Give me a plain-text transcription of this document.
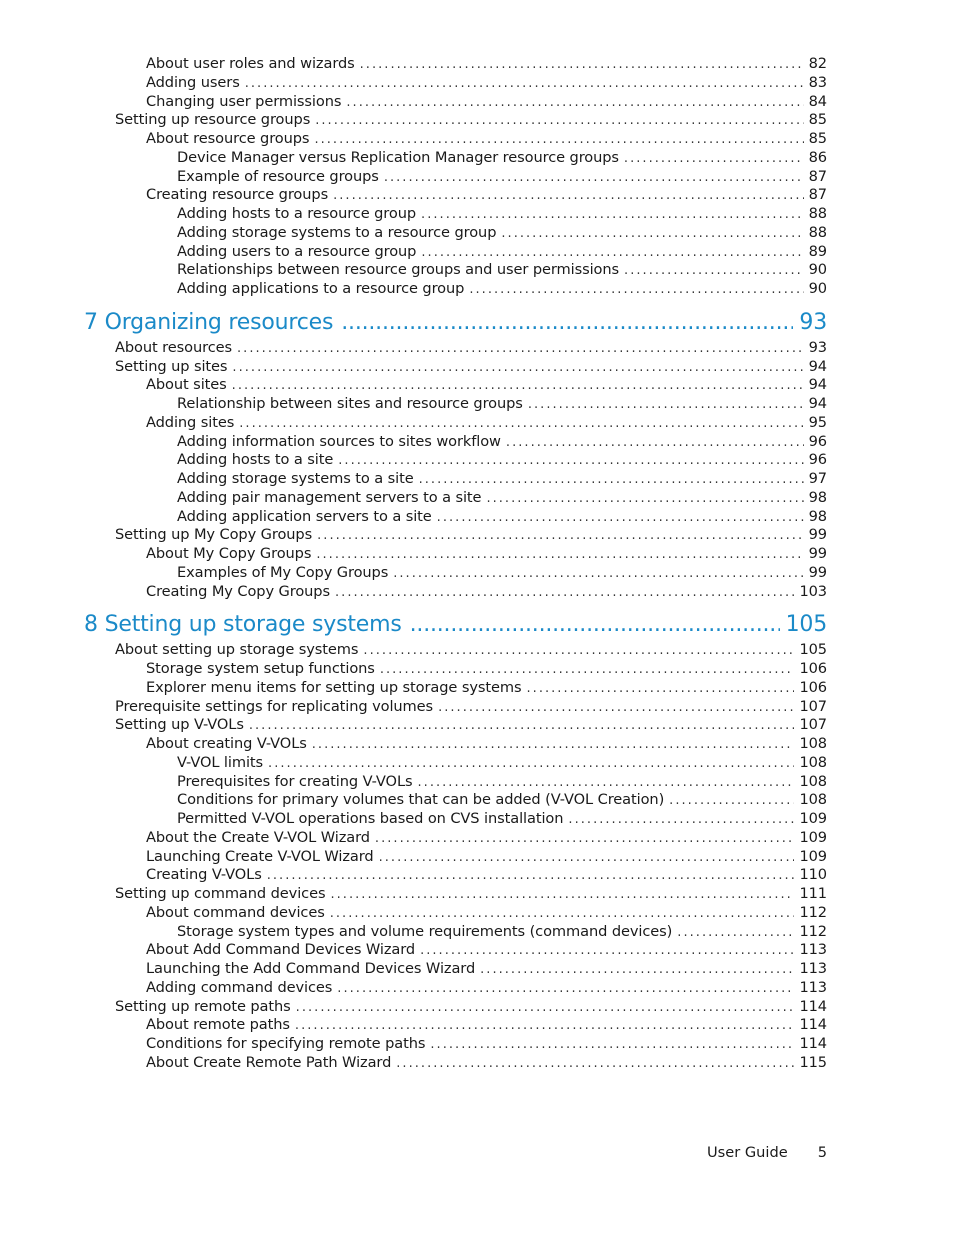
About user roles and wizards . . .	82
Adding users . . .	83
Changing user permissions . . .	84
Setting up resource groups . . .	85
About resource groups . . .	85
Device Manager versus Replication Manager resource groups . . .	86
Example of resource groups . . .	87
Creating resource groups . . .	87
Adding hosts to a resource group . . .	88
Adding storage systems to a resource group . . .	88
Adding users to a resource group . . .	89
Relationships between resource groups and user permissions . . .	90
Adding applications to a resource group . . .	90
7 Organizing resources . . .	93
About resources . . .	93
Setting up sites . . .	94
About sites . . .	94
Relationship between sites and resource groups . . .	94
Adding sites . . .	95
Adding information sources to sites workflow . . .	96
Adding hosts to a site . . .	96
Adding storage systems to a site . . .	97
Adding pair management servers to a site . . .	98
Adding application servers to a site . . .	98
Setting up My Copy Groups . . .	99
About My Copy Groups . . .	99
Examples of My Copy Groups . . .	99
Creating My Copy Groups . . .	103
8 Setting up storage systems . . .	105
About setting up storage systems . . .	105
Storage system setup functions . . .	106
Explorer menu items for setting up storage systems . . .	106
Prerequisite settings for replicating volumes . . .	107
Setting up V-VOLs . . .	107
About creating V-VOLs . . .	108
V-VOL limits . . .	108
Prerequisites for creating V-VOLs . . .	108
Conditions for primary volumes that can be added (V-VOL Creation) . . .	108
Permitted V-VOL operations based on CVS installation . . .	109
About the Create V-VOL Wizard . . .	109
Launching Create V-VOL Wizard . . .	109
Creating V-VOLs . . .	110
Setting up command devices . . .	111
About command devices . . .	112
Storage system types and volume requirements (command devices) . . .	112
About Add Command Devices Wizard . . .	113
Launching the Add Command Devices Wizard . . .	113
Adding command devices . . .	113
Setting up remote paths . . .	114
About remote paths . . .	114
Conditions for specifying remote paths . . .	114
About Create Remote Path Wizard . . .	115
User Guide 5
